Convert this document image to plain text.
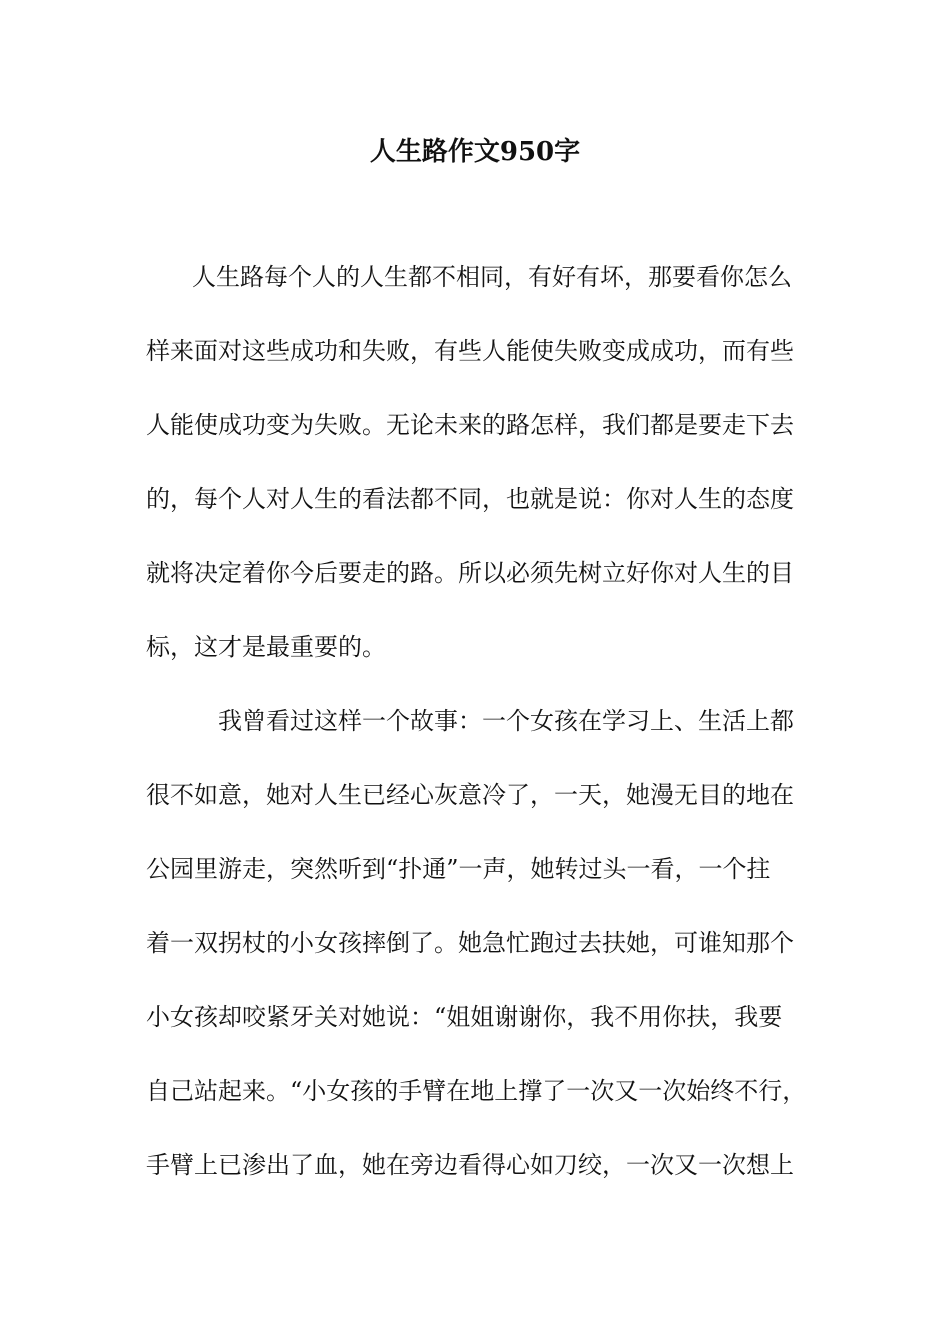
人生路作文950字
人生路每个人的人生都不相同，有好有坏，那要看你怎么
样来面对这些成功和失败，有些人能使失败变成成功，而有些
人能使成功变为失败。无论未来的路怎样，我们都是要走下去
的，每个人对人生的看法都不同，也就是说：你对人生的态度
就将决定着你今后要走的路。所以必须先树立好你对人生的目
标，这才是最重要的。
我曾看过这样一个故事：一个女孩在学习上、生活上都
很不如意，她对人生已经心灰意冷了，一天，她漫无目的地在
公园里游走，突然听到“扑通”一声，她转过头一看，一个拄
着一双拐杖的小女孩摔倒了。她急忙跑过去扶她，可谁知那个
小女孩却咬紧牙关对她说：“姐姐谢谢你，我不用你扶，我要
自己站起来。“小女孩的手臂在地上撑了一次又一次始终不行，
手臂上已渗出了血，她在旁边看得心如刀绞，一次又一次想上
